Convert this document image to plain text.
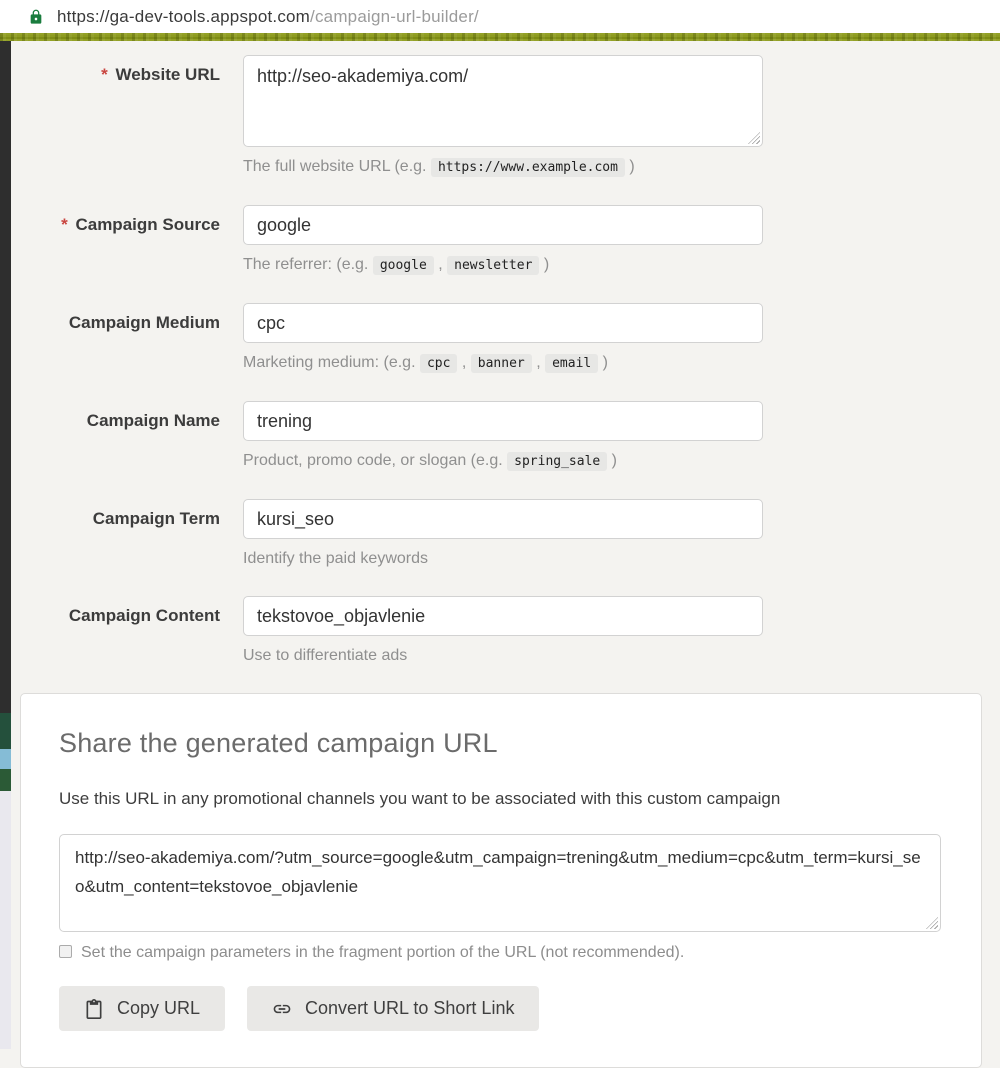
https://ga-dev-tools.appspot.com/campaign-url-builder/
* Website URL
http://seo-akademiya.com/
The full website URL (e.g. https://www.example.com )
* Campaign Source
google
The referrer: (e.g. google , newsletter )
Campaign Medium
cpc
Marketing medium: (e.g. cpc , banner , email )
Campaign Name
trening
Product, promo code, or slogan (e.g. spring_sale )
Campaign Term
kursi_seo
Identify the paid keywords
Campaign Content
tekstovoe_objavlenie
Use to differentiate ads
Share the generated campaign URL

Use this URL in any promotional channels you want to be associated with this custom campaign

http://seo-akademiya.com/?utm_source=google&utm_campaign=trening&utm_medium=cpc&utm_term=kursi_seo&utm_content=tekstovoe_objavlenie
Set the campaign parameters in the fragment portion of the URL (not recommended).
Copy URL	Convert URL to Short Link
